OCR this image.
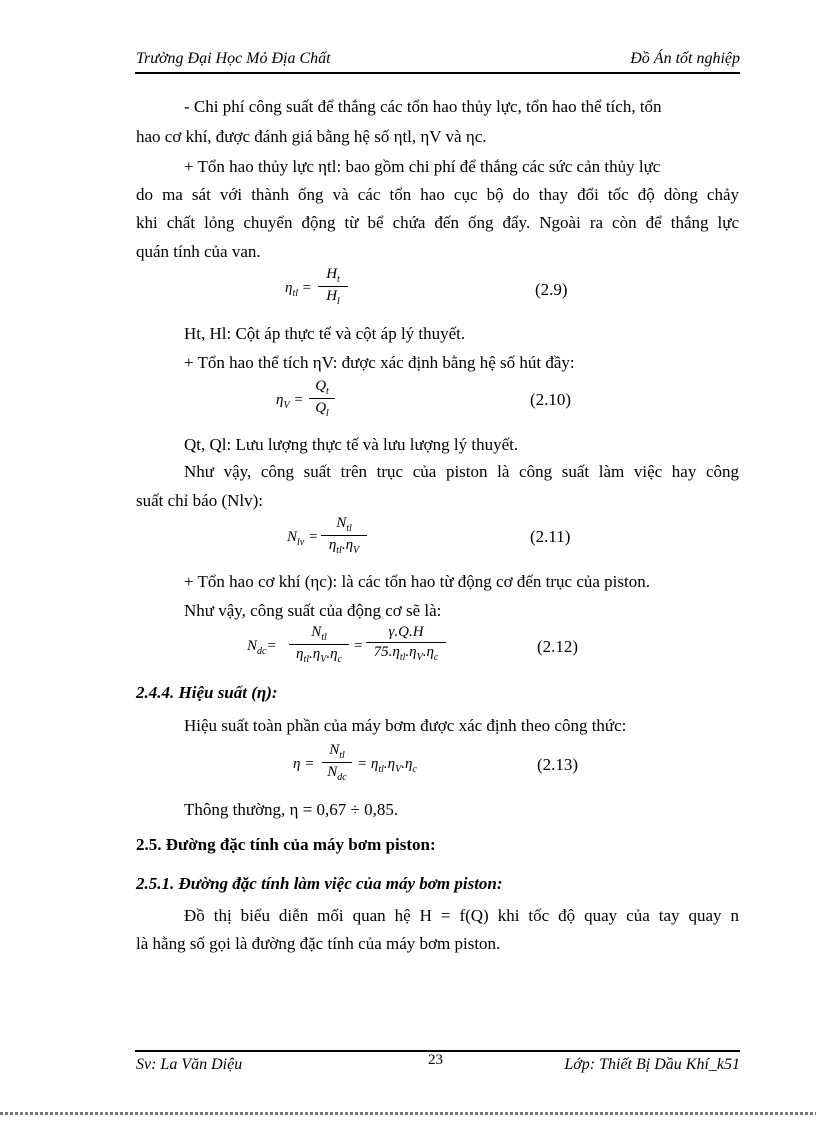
Trường Đại Học Mỏ Địa Chất	Đồ Án tốt nghiệp
- Chi phí công suất để thắng các tổn hao thủy lực, tổn hao thể tích, tổn
hao cơ khí, được đánh giá bằng hệ số ηtl, ηV và ηc.
+ Tổn hao thủy lực ηtl: bao gồm chi phí để thắng các sức cản thủy lực
do ma sát với thành ống và các tổn hao cục bộ do thay đổi tốc độ dòng chảy
khi chất lỏng chuyển động từ bể chứa đến ống đẩy. Ngoài ra còn để thắng lực
quán tính của van.
$\eta_{tl} = \frac{H_t}{H_l}$	(2.9)
Ht, Hl: Cột áp thực tế và cột áp lý thuyết.
+ Tổn hao thể tích ηV: được xác định bằng hệ số hút đầy:
$\eta_V = \frac{Q_t}{Q_l}$	(2.10)
Qt, Ql: Lưu lượng thực tế và lưu lượng lý thuyết.
Như vậy, công suất trên trục của piston là công suất làm việc hay công
suất chỉ báo (Nlv):
$N_{lv}$ =
$N_{tl}$
$\eta_{tl}.\eta_V$
(2.11)
+ Tổn hao cơ khí (ηc): là các tổn hao từ động cơ đến trục của piston.
Như vậy, công suất của động cơ sẽ là:
$N_{dc}=$
$N_{tl}$
$\eta_{tl}.\eta_V.\eta_c$
=
γ.Q.H
$75.\eta_{tl}.\eta_V.\eta_c$
(2.12)
2.4.4. Hiệu suất (η):
Hiệu suất toàn phần của máy bơm được xác định theo công thức:
η =
$N_{tl}$
$N_{dc}$
= $\eta_{tl}.\eta_V.\eta_c$	(2.13)
Thông thường, η = 0,67 ÷ 0,85.
2.5. Đường đặc tính của máy bơm piston:
2.5.1. Đường đặc tính làm việc của máy bơm piston:
Đồ thị biểu diễn mối quan hệ H = f(Q) khi tốc độ quay của tay quay n
là hằng số gọi là đường đặc tính của máy bơm piston.
23
Sv: La Văn Diệu	Lớp: Thiết Bị Dầu Khí_k51
